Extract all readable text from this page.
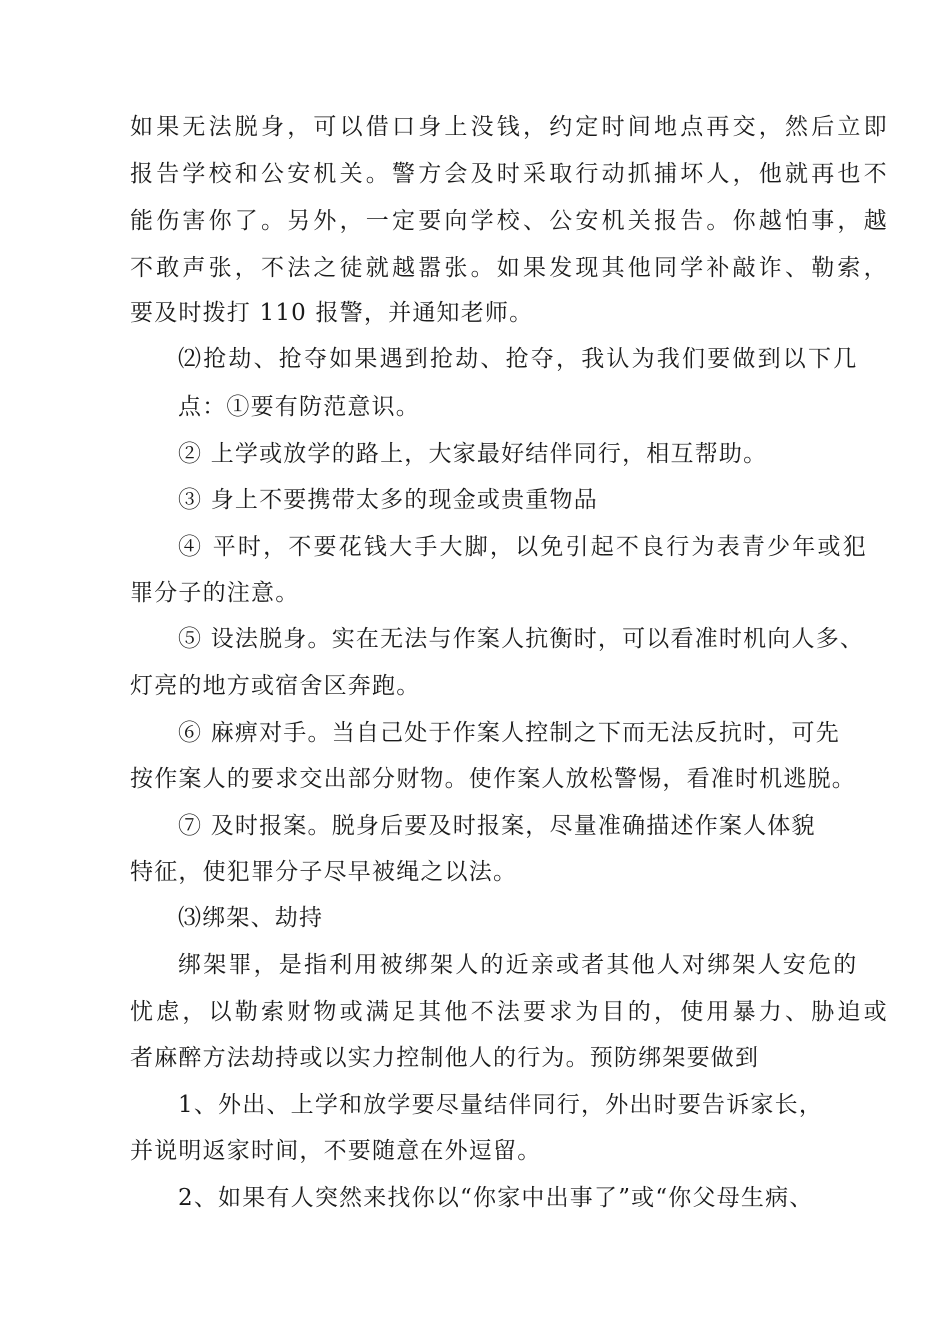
如果无法脱身，可以借口身上没钱，约定时间地点再交，然后立即
报告学校和公安机关。警方会及时采取行动抓捕坏人，他就再也不
能伤害你了。另外，一定要向学校、公安机关报告。你越怕事，越
不敢声张，不法之徒就越嚣张。如果发现其他同学补敲诈、勒索，
要及时拨打 110 报警，并通知老师。
⑵抢劫、抢夺如果遇到抢劫、抢夺，我认为我们要做到以下几
点：①要有防范意识。
② 上学或放学的路上，大家最好结伴同行，相互帮助。
③ 身上不要携带太多的现金或贵重物品
④ 平时，不要花钱大手大脚，以免引起不良行为表青少年或犯
罪分子的注意。
⑤ 设法脱身。实在无法与作案人抗衡时，可以看准时机向人多、
灯亮的地方或宿舍区奔跑。
⑥ 麻痹对手。当自己处于作案人控制之下而无法反抗时，可先
按作案人的要求交出部分财物。使作案人放松警惕，看准时机逃脱。
⑦ 及时报案。脱身后要及时报案，尽量准确描述作案人体貌
特征，使犯罪分子尽早被绳之以法。
⑶绑架、劫持
绑架罪，是指利用被绑架人的近亲或者其他人对绑架人安危的
忧虑，以勒索财物或满足其他不法要求为目的，使用暴力、胁迫或
者麻醉方法劫持或以实力控制他人的行为。预防绑架要做到
1、外出、上学和放学要尽量结伴同行，外出时要告诉家长，
并说明返家时间，不要随意在外逗留。
2、如果有人突然来找你以“你家中出事了”或“你父母生病、
